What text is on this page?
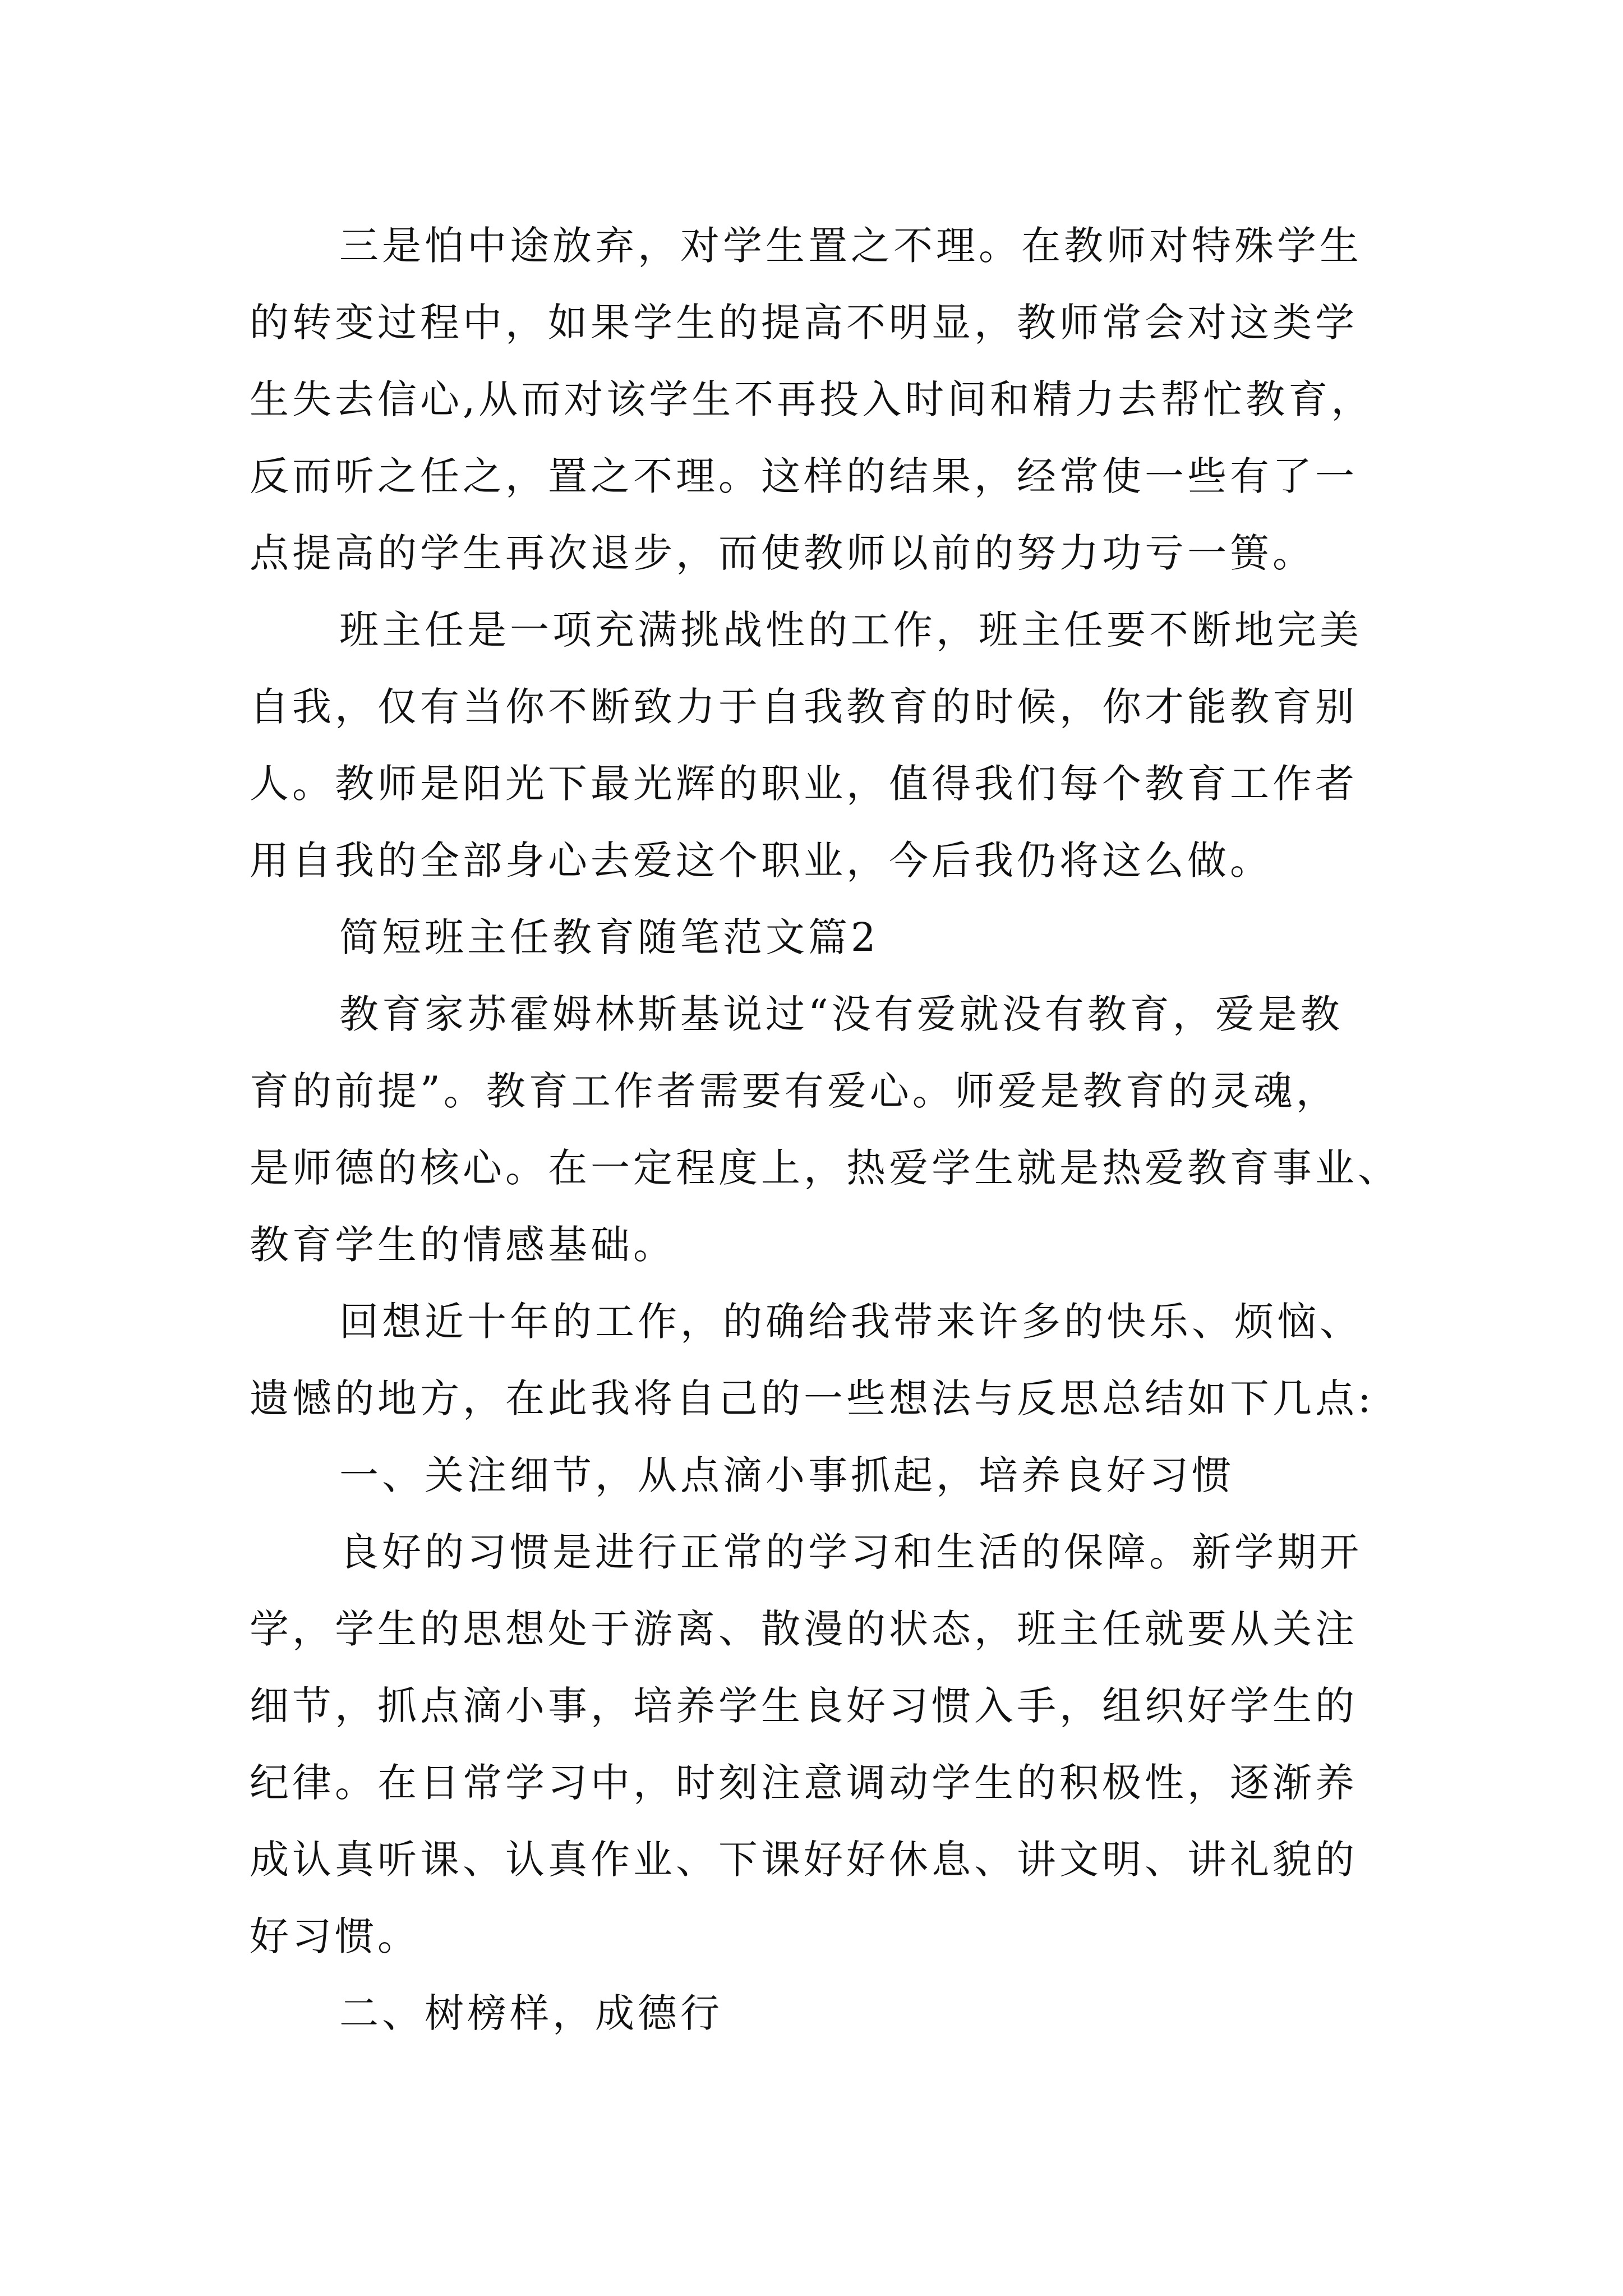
三是怕中途放弃，对学生置之不理。在教师对特殊学生
的转变过程中，如果学生的提高不明显，教师常会对这类学
生失去信心,从而对该学生不再投入时间和精力去帮忙教育，
反而听之任之，置之不理。这样的结果，经常使一些有了一
点提高的学生再次退步，而使教师以前的努力功亏一篑。

班主任是一项充满挑战性的工作，班主任要不断地完美
自我，仅有当你不断致力于自我教育的时候，你才能教育别
人。教师是阳光下最光辉的职业，值得我们每个教育工作者
用自我的全部身心去爱这个职业，今后我仍将这么做。

简短班主任教育随笔范文篇2

教育家苏霍姆林斯基说过“没有爱就没有教育，爱是教
育的前提”。教育工作者需要有爱心。师爱是教育的灵魂，
是师德的核心。在一定程度上，热爱学生就是热爱教育事业、
教育学生的情感基础。

回想近十年的工作，的确给我带来许多的快乐、烦恼、
遗憾的地方，在此我将自己的一些想法与反思总结如下几点:

一、关注细节，从点滴小事抓起，培养良好习惯

良好的习惯是进行正常的学习和生活的保障。新学期开
学，学生的思想处于游离、散漫的状态，班主任就要从关注
细节，抓点滴小事，培养学生良好习惯入手，组织好学生的
纪律。在日常学习中，时刻注意调动学生的积极性，逐渐养
成认真听课、认真作业、下课好好休息、讲文明、讲礼貌的
好习惯。

二、树榜样，成德行
